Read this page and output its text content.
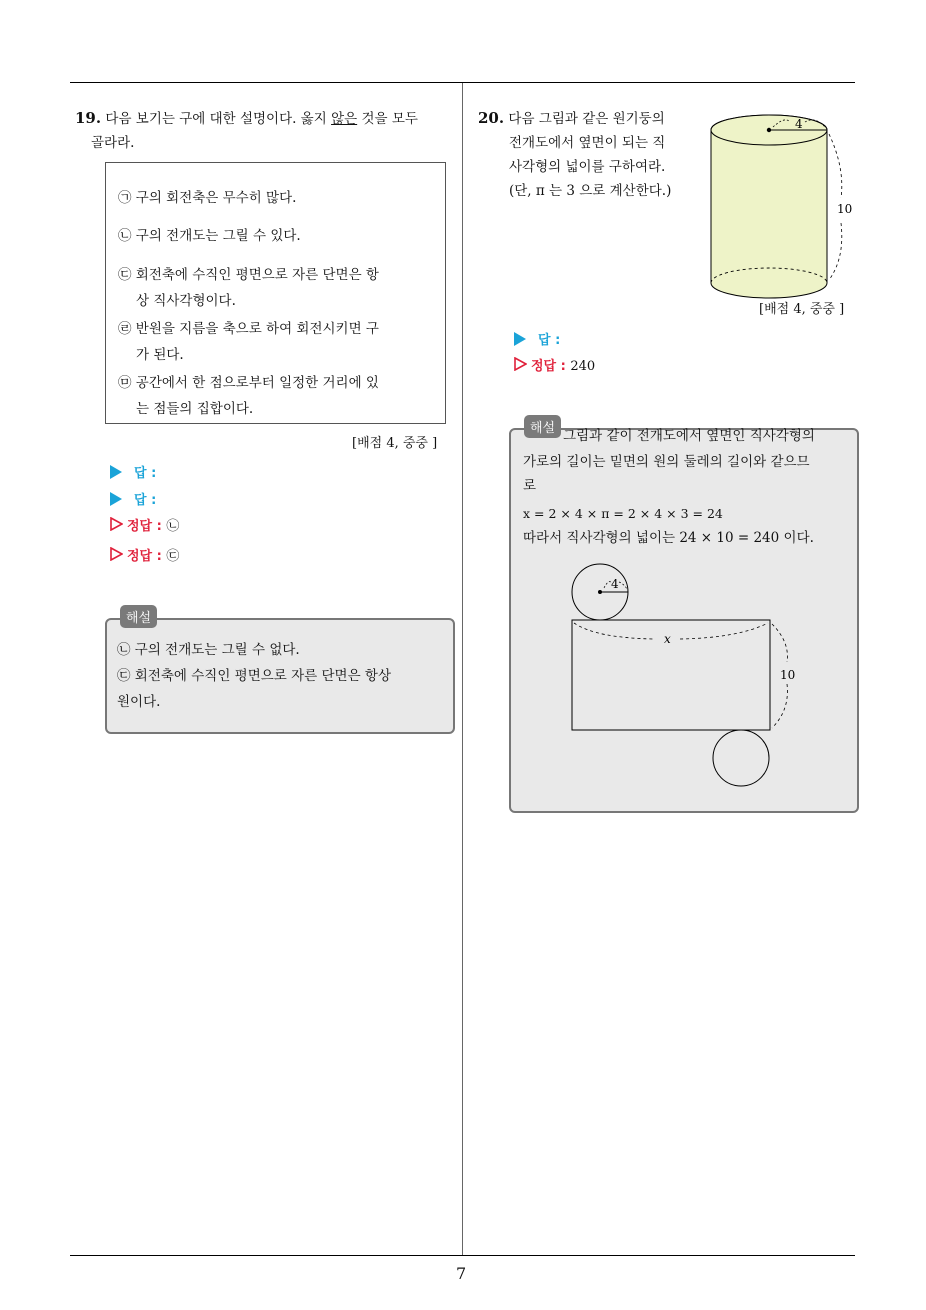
7
19. 다음 보기는 구에 대한 설명이다. 옳지 않은 것을 모두
골라라.
㉠ 구의 회전축은 무수히 많다.
㉡ 구의 전개도는 그릴 수 있다.
㉢ 회전축에 수직인 평면으로 자른 단면은 항
상 직사각형이다.
㉣ 반원을 지름을 축으로 하여 회전시키면 구
가 된다.
㉤ 공간에서 한 점으로부터 일정한 거리에 있
는 점들의 집합이다.
[배점 4, 중중 ]
답 :
답 :
정답 : ㉡
정답 : ㉢
㉡ 구의 전개도는 그릴 수 없다.
㉢ 회전축에 수직인 평면으로 자른 단면은 항상
원이다.
해설
20. 다음 그림과 같은 원기둥의
전개도에서 옆면이 되는 직
사각형의 넓이를 구하여라.
(단, π 는 3 으로 계산한다.)
4
10
[배점 4, 중중 ]
답 :
정답 : 240
그림과 같이 전개도에서 옆면인 직사각형의
가로의 길이는 밑면의 원의 둘레의 길이와 같으므
로
x = 2 × 4 × π = 2 × 4 × 3 = 24
따라서 직사각형의 넓이는 24 × 10 = 240 이다.
4
x
10
해설
